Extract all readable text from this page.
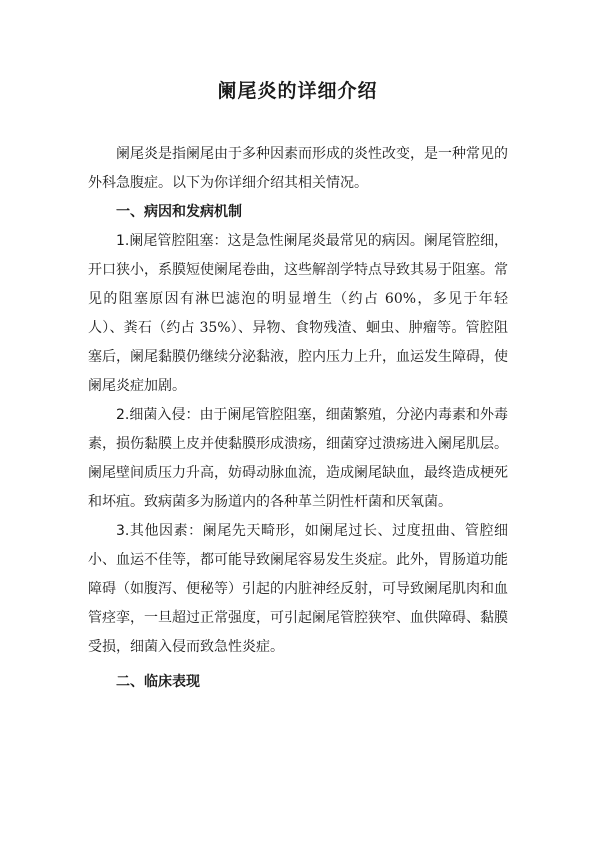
阑尾炎的详细介绍

阑尾炎是指阑尾由于多种因素而形成的炎性改变，是一种常见的外科急腹症。以下为你详细介绍其相关情况。

一、病因和发病机制

1.阑尾管腔阻塞：这是急性阑尾炎最常见的病因。阑尾管腔细，开口狭小，系膜短使阑尾卷曲，这些解剖学特点导致其易于阻塞。常见的阻塞原因有淋巴滤泡的明显增生（约占 60%，多见于年轻人）、粪石（约占 35%）、异物、食物残渣、蛔虫、肿瘤等。管腔阻塞后，阑尾黏膜仍继续分泌黏液，腔内压力上升，血运发生障碍，使阑尾炎症加剧。

2.细菌入侵：由于阑尾管腔阻塞，细菌繁殖，分泌内毒素和外毒素，损伤黏膜上皮并使黏膜形成溃疡，细菌穿过溃疡进入阑尾肌层。阑尾壁间质压力升高，妨碍动脉血流，造成阑尾缺血，最终造成梗死和坏疽。致病菌多为肠道内的各种革兰阴性杆菌和厌氧菌。

3.其他因素：阑尾先天畸形，如阑尾过长、过度扭曲、管腔细小、血运不佳等，都可能导致阑尾容易发生炎症。此外，胃肠道功能障碍（如腹泻、便秘等）引起的内脏神经反射，可导致阑尾肌肉和血管痉挛，一旦超过正常强度，可引起阑尾管腔狭窄、血供障碍、黏膜受损，细菌入侵而致急性炎症。

二、临床表现
